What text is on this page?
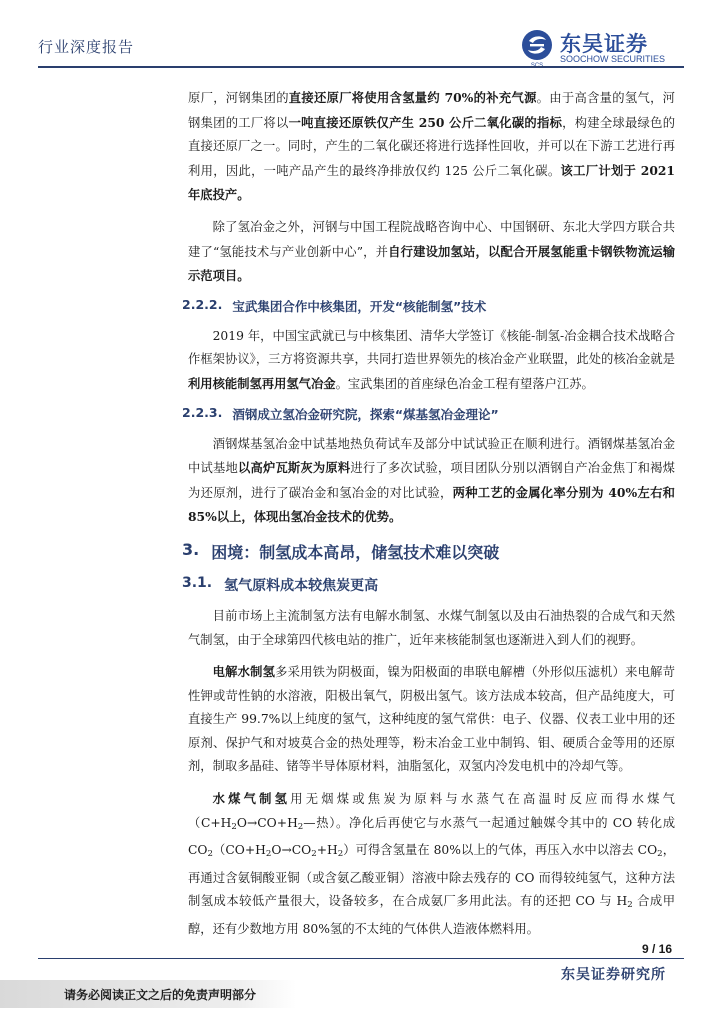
行业深度报告	东吴证券
SOOCHOW SECURITIES

原厂，河钢集团的直接还原厂将使用含氢量约 70%的补充气源。由于高含量的氢气，河钢集团的工厂将以一吨直接还原铁仅产生 250 公斤二氧化碳的指标，构建全球最绿色的直接还原厂之一。同时，产生的二氧化碳还将进行选择性回收，并可以在下游工艺进行再利用，因此，一吨产品产生的最终净排放仅约 125 公斤二氧化碳。该工厂计划于 2021 年底投产。

除了氢冶金之外，河钢与中国工程院战略咨询中心、中国钢研、东北大学四方联合共建了“氢能技术与产业创新中心”，并自行建设加氢站，以配合开展氢能重卡钢铁物流运输示范项目。

2.2.2. 宝武集团合作中核集团，开发“核能制氢”技术

2019 年，中国宝武就已与中核集团、清华大学签订《核能-制氢-冶金耦合技术战略合作框架协议》，三方将资源共享，共同打造世界领先的核冶金产业联盟，此处的核冶金就是利用核能制氢再用氢气冶金。宝武集团的首座绿色冶金工程有望落户江苏。

2.2.3. 酒钢成立氢冶金研究院，探索“煤基氢冶金理论”

酒钢煤基氢冶金中试基地热负荷试车及部分中试试验正在顺利进行。酒钢煤基氢冶金中试基地以高炉瓦斯灰为原料进行了多次试验，项目团队分别以酒钢自产冶金焦丁和褐煤为还原剂，进行了碳冶金和氢冶金的对比试验，两种工艺的金属化率分别为 40%左右和 85%以上，体现出氢冶金技术的优势。

3. 困境：制氢成本高昂，储氢技术难以突破
3.1. 氢气原料成本较焦炭更高

目前市场上主流制氢方法有电解水制氢、水煤气制氢以及由石油热裂的合成气和天然气制氢，由于全球第四代核电站的推广，近年来核能制氢也逐渐进入到人们的视野。

电解水制氢多采用铁为阴极面，镍为阳极面的串联电解槽（外形似压滤机）来电解苛性钾或苛性钠的水溶液，阳极出氧气，阴极出氢气。该方法成本较高，但产品纯度大，可直接生产 99.7%以上纯度的氢气，这种纯度的氢气常供：电子、仪器、仪表工业中用的还原剂、保护气和对坡莫合金的热处理等，粉末冶金工业中制钨、钼、硬质合金等用的还原剂，制取多晶硅、锗等半导体原材料，油脂氢化，双氢内冷发电机中的冷却气等。

水煤气制氢用无烟煤或焦炭为原料与水蒸气在高温时反应而得水煤气（$C+H_2O\to CO+H_2—$热）。净化后再使它与水蒸气一起通过触媒令其中的 CO 转化成 $CO_2(CO+H_2O\to CO_2+H_2)$可得含氢量在 80%以上的气体，再压入水中以溶去 $CO_2$，再通过含氨铜酸亚铜（或含氨乙酸亚铜）溶液中除去残存的 CO 而得较纯氢气，这种方法制氢成本较低产量很大，设备较多，在合成氨厂多用此法。有的还把 CO 与 $H_2$ 合成甲醇，还有少数地方用 80%氢的不太纯的气体供人造液体燃料用。

9 / 16
东吴证券研究所
请务必阅读正文之后的免责声明部分
